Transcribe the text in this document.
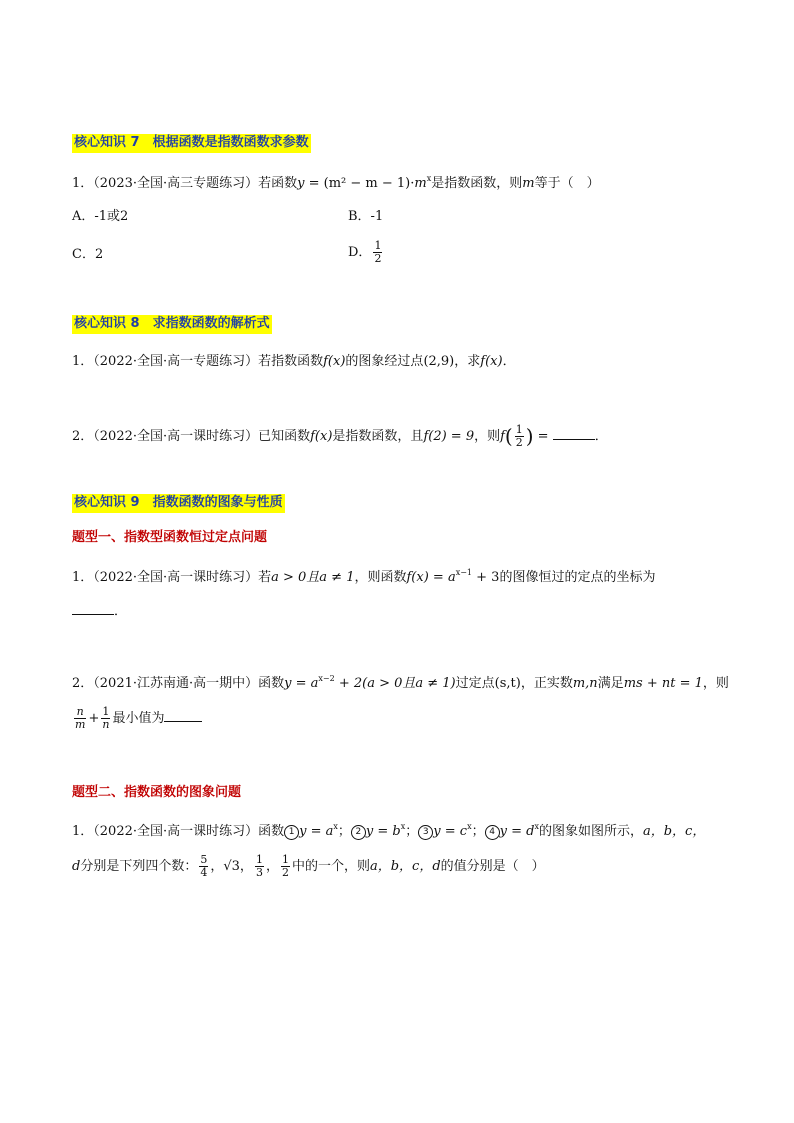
核心知识 7　根据函数是指数函数求参数
1．（2023·全国·高三专题练习）若函数$y = (m^2 - m - 1)\cdot m^x$是指数函数，则m等于（　）
A．-1或2	B．-1
C．2	D． $\frac{1}{2}$
核心知识 8　求指数函数的解析式
1．（2022·全国·高一专题练习）若指数函数f(x)的图象经过点(2,9)，求f(x)．
2．（2022·全国·高一课时练习）已知函数f(x)是指数函数，且f(2) = 9，则$f( \frac{1}{2}$ ) =	．
核心知识 9　指数函数的图象与性质
题型一、指数型函数恒过定点问题
1．（2022·全国·高一课时练习）若a > 0且a ≠ 1，则函数$f(x) = a^{x-1} + 3$的图像恒过的定点的坐标为
．
2．（2021·江苏南通·高一期中）函数$y = a^{x-2} + 2(a > 0$且a ≠ 1)过定点(s,t)，正实数m,n满足ms + nt = 1，则
$\frac{n}{m} + \frac{1}{n}$ 最小值为
题型二、指数函数的图象问题
1．（2022·全国·高一课时练习）函数 1 $y = a^x$； 2 $y = b^x$； 3 $y = c^x$； 4 $y = d^x$的图象如图所示，a，b，c，
d分别是下列四个数： $\frac{5}{4}$ ，√3， $\frac{1}{3}$ ， $\frac{1}{2}$ 中的一个，则a，b，c，d的值分别是（　）
